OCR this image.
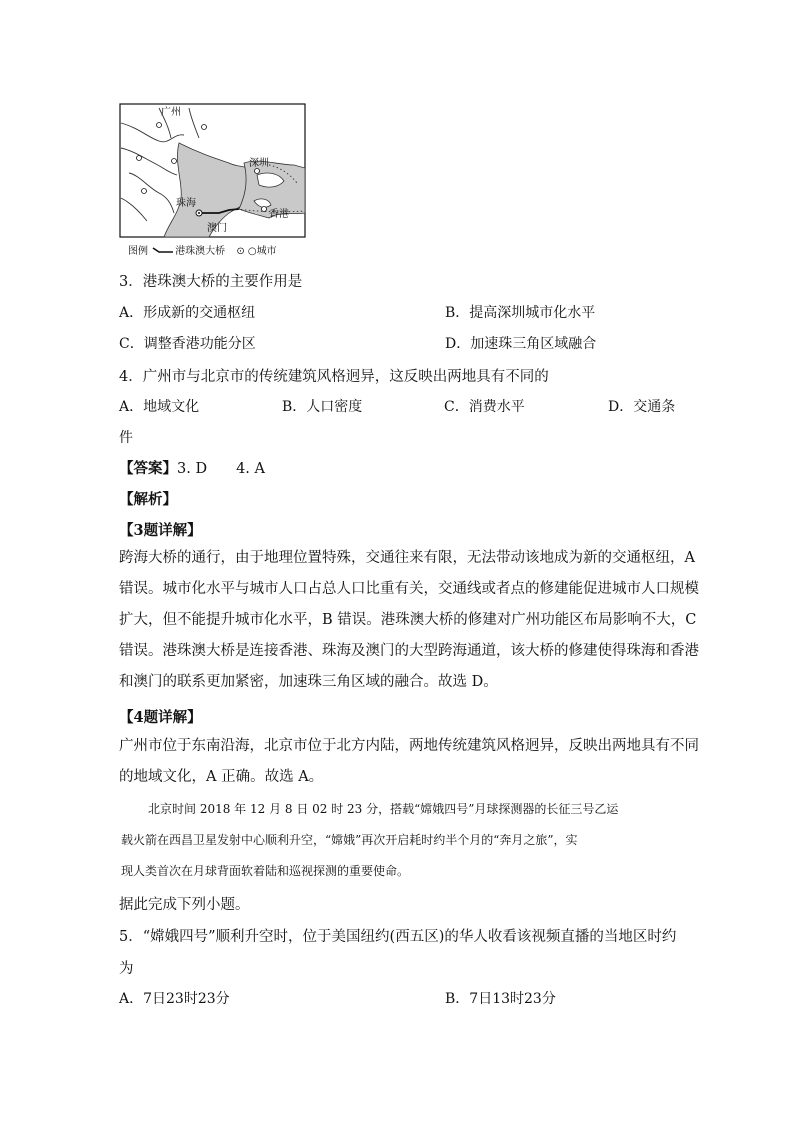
广州
深圳
珠海
澳门
香港
图例	港珠澳大桥 ⊙ ○城市
3．港珠澳大桥的主要作用是
A．形成新的交通枢纽	B．提高深圳城市化水平
C．调整香港功能分区	D．加速珠三角区域融合
4．广州市与北京市的传统建筑风格迥异，这反映出两地具有不同的
A．地域文化	B．人口密度	C．消费水平	D．交通条
件
【答案】3. D　　4. A
【解析】
【3题详解】
跨海大桥的通行，由于地理位置特殊，交通往来有限，无法带动该地成为新的交通枢纽，A
错误。城市化水平与城市人口占总人口比重有关，交通线或者点的修建能促进城市人口规模
扩大，但不能提升城市化水平，B 错误。港珠澳大桥的修建对广州功能区布局影响不大，C
错误。港珠澳大桥是连接香港、珠海及澳门的大型跨海通道，该大桥的修建使得珠海和香港
和澳门的联系更加紧密，加速珠三角区域的融合。故选 D。
【4题详解】
广州市位于东南沿海，北京市位于北方内陆，两地传统建筑风格迥异，反映出两地具有不同
的地域文化，A 正确。故选 A。
北京时间 2018 年 12 月 8 日 02 时 23 分，搭载“嫦娥四号”月球探测器的长征三号乙运
载火箭在西昌卫星发射中心顺利升空，“嫦娥”再次开启耗时约半个月的“奔月之旅”，实
现人类首次在月球背面软着陆和巡视探测的重要使命。
据此完成下列小题。
5．“嫦娥四号”顺利升空时，位于美国纽约(西五区)的华人收看该视频直播的当地区时约
为
A．7日23时23分	B．7日13时23分
